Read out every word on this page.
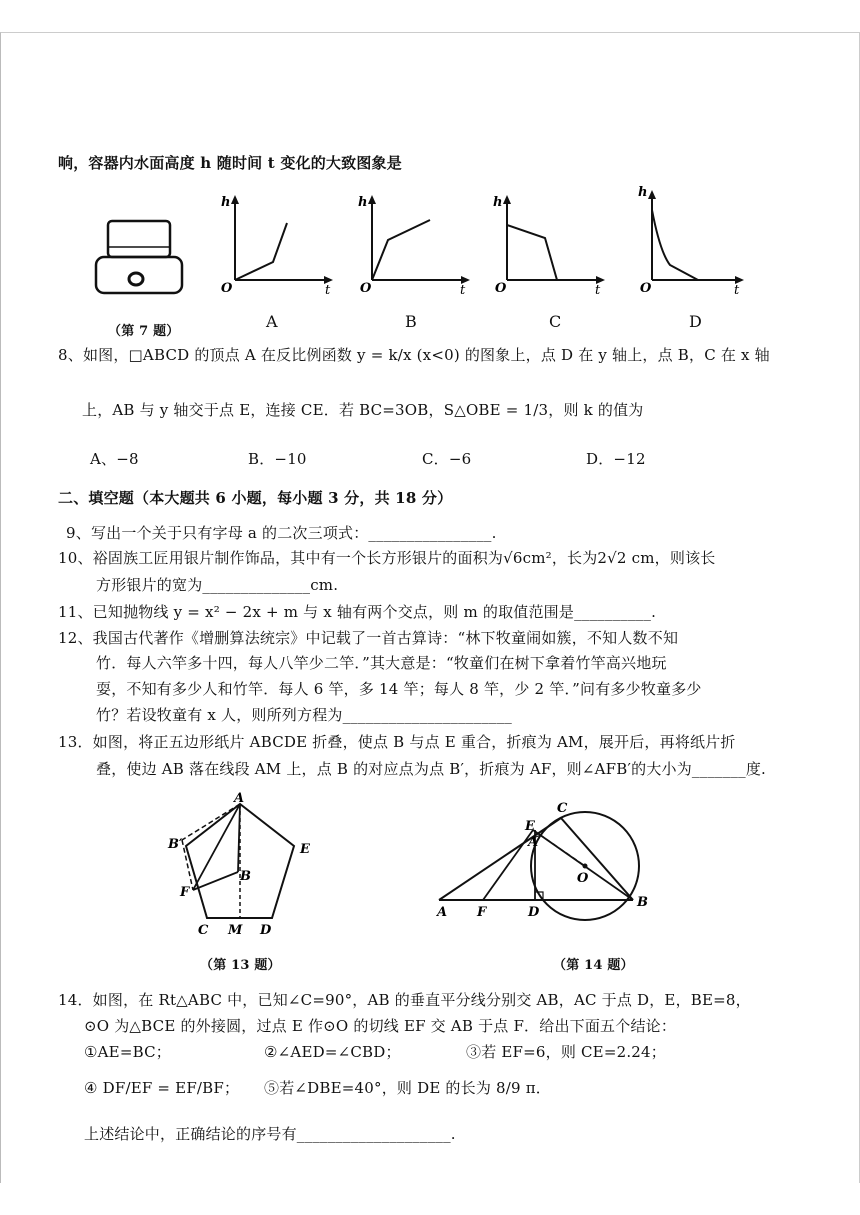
响，容器内水面高度 h 随时间 t 变化的大致图象是
（第 7 题）
h
O	t
A
h
O	t
B
h
O	t
C
h
O	t
D
8、如图，□ABCD 的顶点 A 在反比例函数 y = k/x (x<0) 的图象上，点 D 在 y 轴上，点 B，C 在 x 轴
上，AB 与 y 轴交于点 E，连接 CE．若 BC=3OB，S△OBE = 1/3，则 k 的值为
A、−8	B．−10	C．−6	D．−12
二、填空题（本大题共 6 小题，每小题 3 分，共 18 分）
9、写出一个关于只有字母 a 的二次三项式：________________.
10、裕固族工匠用银片制作饰品，其中有一个长方形银片的面积为√6cm²，长为2√2 cm，则该长
方形银片的宽为______________cm.
11、已知抛物线 y = x² − 2x + m 与 x 轴有两个交点，则 m 的取值范围是__________.
12、我国古代著作《增删算法统宗》中记载了一首古算诗：“林下牧童闹如簇，不知人数不知
竹．每人六竿多十四，每人八竿少二竿．”其大意是：“牧童们在树下拿着竹竿高兴地玩
耍，不知有多少人和竹竿．每人 6 竿，多 14 竿；每人 8 竿，少 2 竿．”问有多少牧童多少
竹？若设牧童有 x 人，则所列方程为______________________
13．如图，将正五边形纸片 ABCDE 折叠，使点 B 与点 E 重合，折痕为 AM，展开后，再将纸片折
叠，使边 AB 落在线段 AM 上，点 B 的对应点为点 B′，折痕为 AF，则∠AFB′的大小为_______度.
A
B′
B
E
F
C M D
（第 13 题）
C
E
O
A
F	D
A
B
（第 14 题）
14．如图，在 Rt△ABC 中，已知∠C=90°，AB 的垂直平分线分别交 AB，AC 于点 D，E，BE=8，
⊙O 为△BCE 的外接圆，过点 E 作⊙O 的切线 EF 交 AB 于点 F．给出下面五个结论：
①AE=BC；	②∠AED=∠CBD；	③若 EF=6，则 CE=2.24；
④ DF/EF = EF/BF； ⑤若∠DBE=40°，则 DE 的长为 8/9 π．
上述结论中，正确结论的序号有____________________.
